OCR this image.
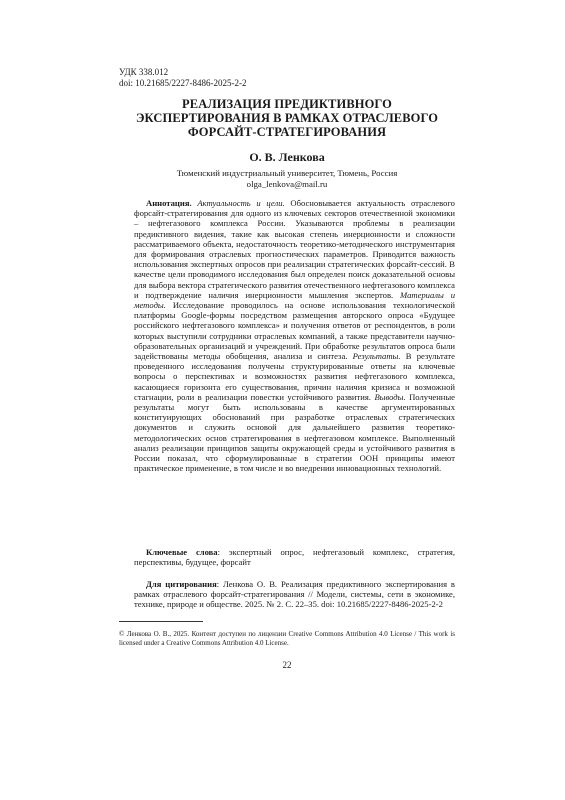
УДК 338.012
doi: 10.21685/2227-8486-2025-2-2
РЕАЛИЗАЦИЯ ПРЕДИКТИВНОГО
ЭКСПЕРТИРОВАНИЯ В РАМКАХ ОТРАСЛЕВОГО
ФОРСАЙТ-СТРАТЕГИРОВАНИЯ
О. В. Ленкова
Тюменский индустриальный университет, Тюмень, Россия
olga_lenkova@mail.ru
Аннотация. Актуальность и цели. Обосновывается актуальность отраслевого форсайт-стратегирования для одного из ключевых секторов отечественной экономики – нефтегазового комплекса России. Указываются проблемы в реализации предиктивного видения, такие как высокая степень инерционности и сложности рассматриваемого объекта, недостаточность теоретико-методического инструментария для формирования отраслевых прогностических параметров. Приводится важность использования экспертных опросов при реализации стратегических форсайт-сессий. В качестве цели проводимого исследования был определен поиск доказательной основы для выбора вектора стратегического развития отечественного нефтегазового комплекса и подтверждение наличия инерционности мышления экспертов. Материалы и методы. Исследование проводилось на основе использования технологической платформы Google-формы посредством размещения авторского опроса «Будущее российского нефтегазового комплекса» и получения ответов от респондентов, в роли которых выступили сотрудники отраслевых компаний, а также представители научно-образовательных организаций и учреждений. При обработке результатов опроса были задействованы методы обобщения, анализа и синтеза. Результаты. В результате проведенного исследования получены структурированные ответы на ключевые вопросы о перспективах и возможностях развития нефтегазового комплекса, касающиеся горизонта его существования, причин наличия кризиса и возможной стагнации, роли в реализации повестки устойчивого развития. Выводы. Полученные результаты могут быть использованы в качестве аргументированных конституирующих обоснований при разработке отраслевых стратегических документов и служить основой для дальнейшего развития теоретико-методологических основ стратегирования в нефтегазовом комплексе. Выполненный анализ реализации принципов защиты окружающей среды и устойчивого развития в России показал, что сформулированные в стратегии ООН принципы имеют практическое применение, в том числе и во внедрении инновационных технологий.
Ключевые слова: экспертный опрос, нефтегазовый комплекс, стратегия, перспективы, будущее, форсайт
Для цитирования: Ленкова О. В. Реализация предиктивного экспертирования в рамках отраслевого форсайт-стратегирования // Модели, системы, сети в экономике, технике, природе и обществе. 2025. № 2. С. 22–35. doi: 10.21685/2227-8486-2025-2-2
© Ленкова О. В., 2025. Контент доступен по лицензии Creative Commons Attribution 4.0 License / This work is licensed under a Creative Commons Attribution 4.0 License.
22
